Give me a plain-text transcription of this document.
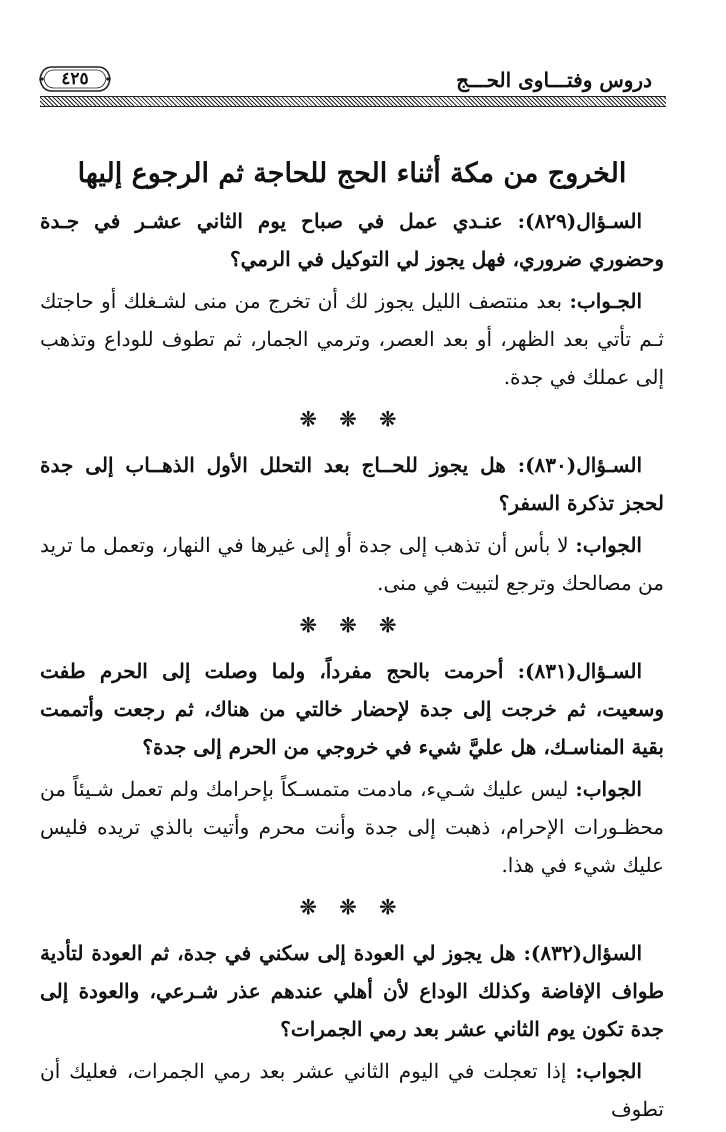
دروس وفتـــاوى الحـــج
٤٢٥
الخروج من مكة أثناء الحج للحاجة ثم الرجوع إليها

السـؤال(٨٢٩): عنـدي عمل في صباح يوم الثاني عشـر في جـدة وحضوري ضروري، فهل يجوز لي التوكيل في الرمي؟

الجـواب: بعد منتصف الليل يجوز لك أن تخرج من منى لشـغلك أو حاجتك ثـم تأتي بعد الظهر، أو بعد العصر، وترمي الجمار، ثم تطوف للوداع وتذهب إلى عملك في جدة.

❊ ❊ ❊

السـؤال(٨٣٠): هل يجوز للحــاج بعد التحلل الأول الذهــاب إلى جدة لحجز تذكرة السفر؟

الجواب: لا بأس أن تذهب إلى جدة أو إلى غيرها في النهار، وتعمل ما تريد من مصالحك وترجع لتبيت في منى.

❊ ❊ ❊

السـؤال(٨٣١): أحرمت بالحج مفرداً، ولما وصلت إلى الحرم طفت وسعيت، ثم خرجت إلى جدة لإحضار خالتي من هناك، ثم رجعت وأتممت بقية المناسـك، هل عليَّ شيء في خروجي من الحرم إلى جدة؟

الجواب: ليس عليك شـيء، مادمت متمسـكاً بإحرامك ولم تعمل شـيئاً من محظـورات الإحرام، ذهبت إلى جدة وأنت محرم وأتيت بالذي تريده فليس عليك شيء في هذا.

❊ ❊ ❊

السؤال(٨٣٢): هل يجوز لي العودة إلى سكني في جدة، ثم العودة لتأدية طواف الإفاضة وكذلك الوداع لأن أهلي عندهم عذر شـرعي، والعودة إلى جدة تكون يوم الثاني عشر بعد رمي الجمرات؟

الجواب: إذا تعجلت في اليوم الثاني عشر بعد رمي الجمرات، فعليك أن تطوف
